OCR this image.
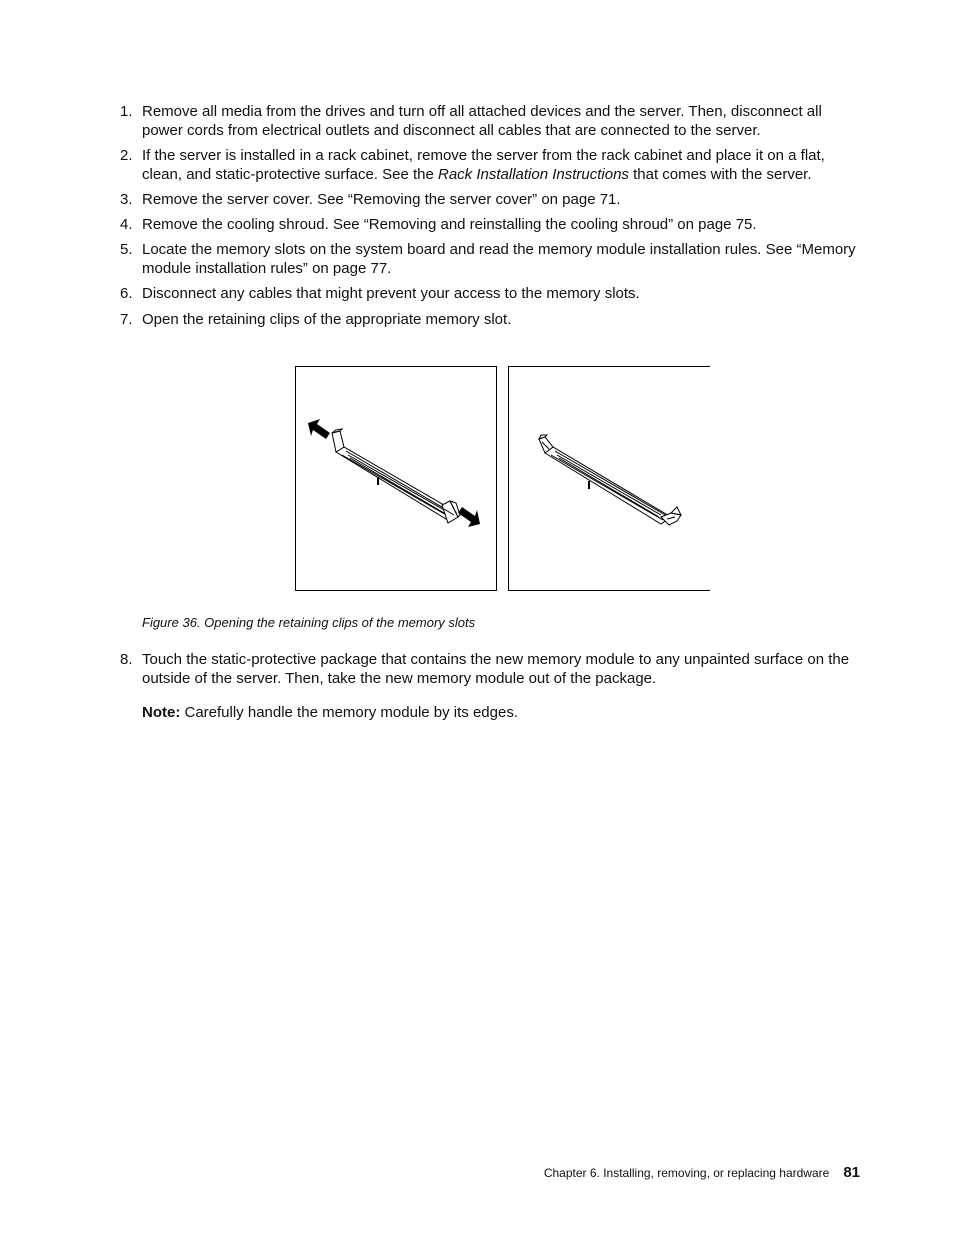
1. Remove all media from the drives and turn off all attached devices and the server. Then, disconnect all power cords from electrical outlets and disconnect all cables that are connected to the server.
2. If the server is installed in a rack cabinet, remove the server from the rack cabinet and place it on a flat, clean, and static-protective surface. See the Rack Installation Instructions that comes with the server.
3. Remove the server cover. See “Removing the server cover” on page 71.
4. Remove the cooling shroud. See “Removing and reinstalling the cooling shroud” on page 75.
5. Locate the memory slots on the system board and read the memory module installation rules. See “Memory module installation rules” on page 77.
6. Disconnect any cables that might prevent your access to the memory slots.
7. Open the retaining clips of the appropriate memory slot.
Figure 36. Opening the retaining clips of the memory slots
8. Touch the static-protective package that contains the new memory module to any unpainted surface on the outside of the server. Then, take the new memory module out of the package.
Note: Carefully handle the memory module by its edges.
Chapter 6. Installing, removing, or replacing hardware 81
